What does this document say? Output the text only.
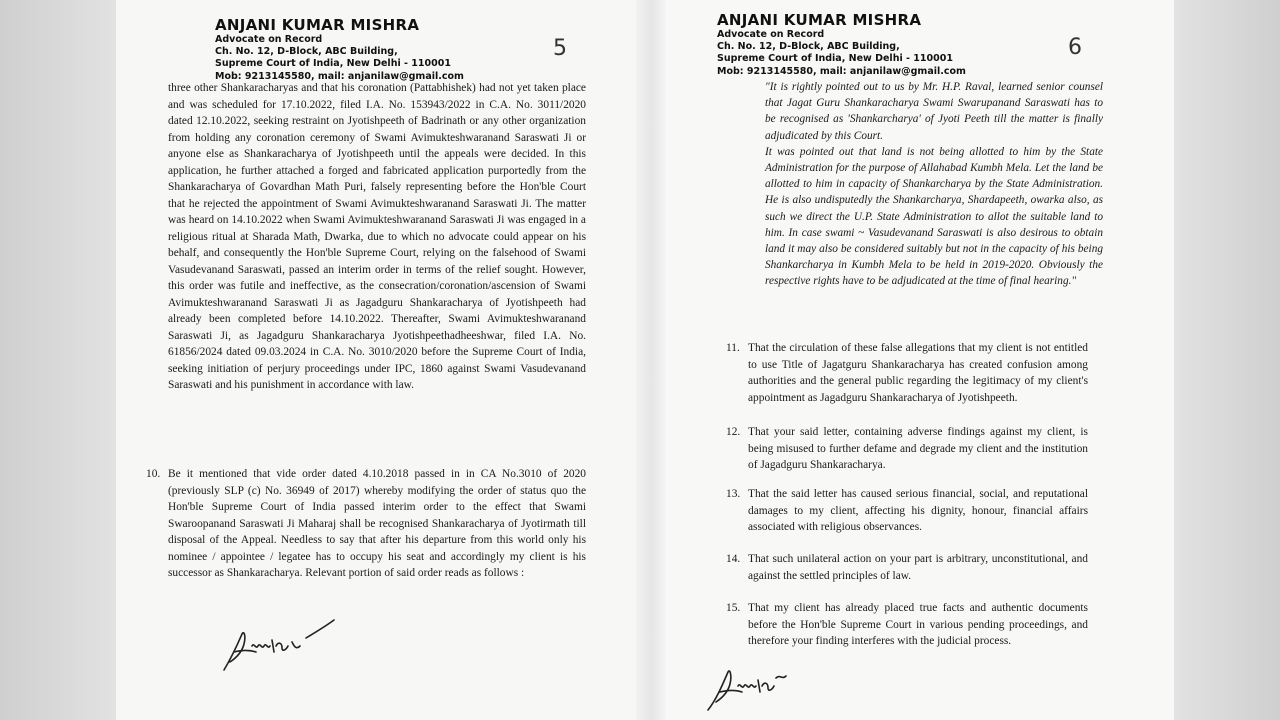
ANJANI KUMAR MISHRA
Advocate on Record
Ch. No. 12, D-Block, ABC Building,
Supreme Court of India, New Delhi - 110001
Mob: 9213145580, mail: anjanilaw@gmail.com
5

three other Shankaracharyas and that his coronation (Pattabhishek) had not yet taken place and was scheduled for 17.10.2022, filed I.A. No. 153943/2022 in C.A. No. 3011/2020 dated 12.10.2022, seeking restraint on Jyotishpeeth of Badrinath or any other organization from holding any coronation ceremony of Swami Avimukteshwaranand Saraswati Ji or anyone else as Shankaracharya of Jyotishpeeth until the appeals were decided. In this application, he further attached a forged and fabricated application purportedly from the Shankaracharya of Govardhan Math Puri, falsely representing before the Hon'ble Court that he rejected the appointment of Swami Avimukteshwaranand Saraswati Ji. The matter was heard on 14.10.2022 when Swami Avimukteshwaranand Saraswati Ji was engaged in a religious ritual at Sharada Math, Dwarka, due to which no advocate could appear on his behalf, and consequently the Hon'ble Supreme Court, relying on the falsehood of Swami Vasudevanand Saraswati, passed an interim order in terms of the relief sought. However, this order was futile and ineffective, as the consecration/coronation/ascension of Swami Avimukteshwaranand Saraswati Ji as Jagadguru Shankaracharya of Jyotishpeeth had already been completed before 14.10.2022. Thereafter, Swami Avimukteshwaranand Saraswati Ji, as Jagadguru Shankaracharya Jyotishpeethadheeshwar, filed I.A. No. 61856/2024 dated 09.03.2024 in C.A. No. 3010/2020 before the Supreme Court of India, seeking initiation of perjury proceedings under IPC, 1860 against Swami Vasudevanand Saraswati and his punishment in accordance with law.

10. Be it mentioned that vide order dated 4.10.2018 passed in in CA No.3010 of 2020 (previously SLP (c) No. 36949 of 2017) whereby modifying the order of status quo the Hon'ble Supreme Court of India passed interim order to the effect that Swami Swaroopanand Saraswati Ji Maharaj shall be recognised Shankaracharya of Jyotirmath till disposal of the Appeal. Needless to say that after his departure from this world only his nominee / appointee / legatee has to occupy his seat and accordingly my client is his successor as Shankaracharya. Relevant portion of said order reads as follows :
ANJANI KUMAR MISHRA
Advocate on Record
Ch. No. 12, D-Block, ABC Building,
Supreme Court of India, New Delhi - 110001
Mob: 9213145580, mail: anjanilaw@gmail.com
6

"It is rightly pointed out to us by Mr. H.P. Raval, learned senior counsel that Jagat Guru Shankaracharya Swami Swarupanand Saraswati has to be recognised as 'Shankarcharya' of Jyoti Peeth till the matter is finally adjudicated by this Court.

It was pointed out that land is not being allotted to him by the State Administration for the purpose of Allahabad Kumbh Mela. Let the land be allotted to him in capacity of Shankarcharya by the State Administration. He is also undisputedly the Shankarcharya, Shardapeeth, owarka also, as such we direct the U.P. State Administration to allot the suitable land to him. In case swami ~ Vasudevanand Saraswati is also desirous to obtain land it may also be considered suitably but not in the capacity of his being Shankarcharya in Kumbh Mela to be held in 2019-2020. Obviously the respective rights have to be adjudicated at the time of final hearing."

11. That the circulation of these false allegations that my client is not entitled to use Title of Jagatguru Shankaracharya has created confusion among authorities and the general public regarding the legitimacy of my client's appointment as Jagadguru Shankaracharya of Jyotishpeeth.
12. That your said letter, containing adverse findings against my client, is being misused to further defame and degrade my client and the institution of Jagadguru Shankaracharya.
13. That the said letter has caused serious financial, social, and reputational damages to my client, affecting his dignity, honour, financial affairs associated with religious observances.
14. That such unilateral action on your part is arbitrary, unconstitutional, and against the settled principles of law.
15. That my client has already placed true facts and authentic documents before the Hon'ble Supreme Court in various pending proceedings, and therefore your finding interferes with the judicial process.
